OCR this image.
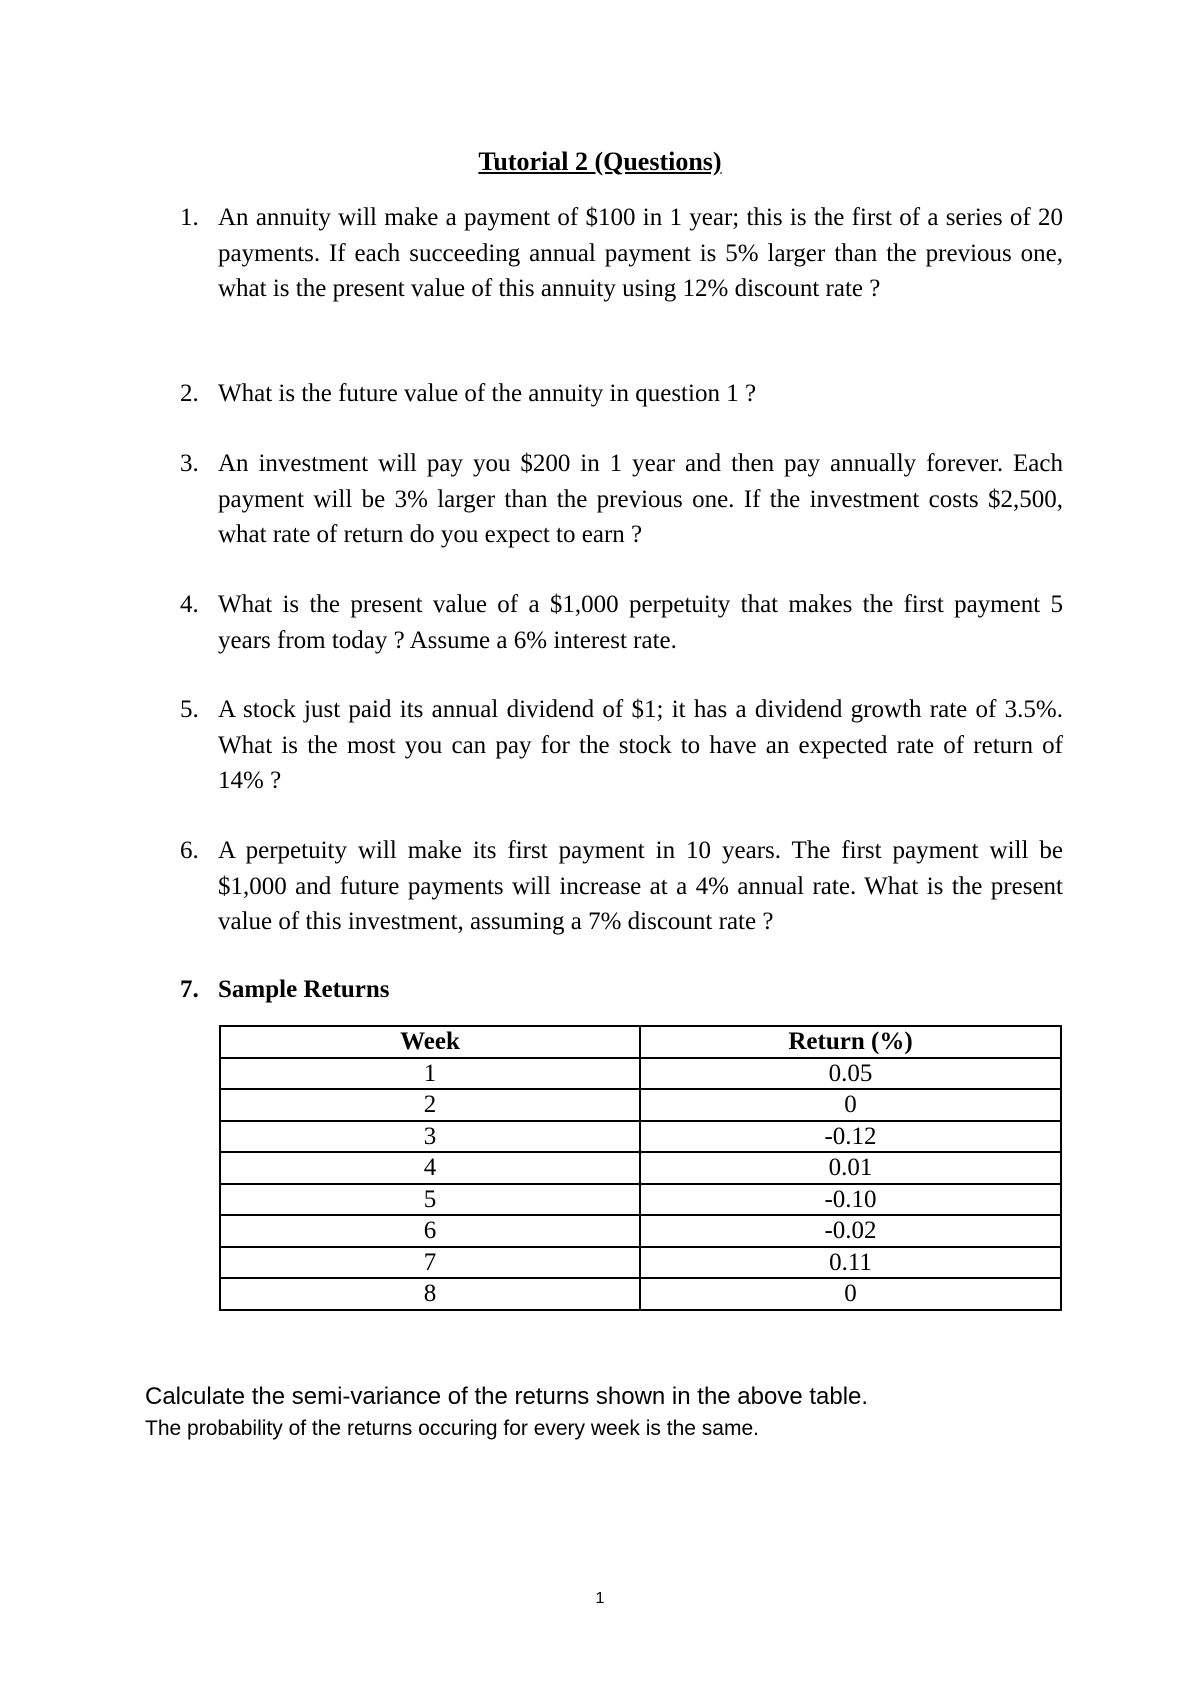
Tutorial 2 (Questions)
1. An annuity will make a payment of $100 in 1 year; this is the first of a series of 20 payments. If each succeeding annual payment is 5% larger than the previous one, what is the present value of this annuity using 12% discount rate ?
2. What is the future value of the annuity in question 1 ?
3. An investment will pay you $200 in 1 year and then pay annually forever. Each payment will be 3% larger than the previous one. If the investment costs $2,500, what rate of return do you expect to earn ?
4. What is the present value of a $1,000 perpetuity that makes the first payment 5 years from today ? Assume a 6% interest rate.
5. A stock just paid its annual dividend of $1; it has a dividend growth rate of 3.5%. What is the most you can pay for the stock to have an expected rate of return of 14% ?
6. A perpetuity will make its first payment in 10 years. The first payment will be $1,000 and future payments will increase at a 4% annual rate. What is the present value of this investment, assuming a 7% discount rate ?
7. Sample Returns
Week	Return (%)
1	0.05
2	0
3	-0.12
4	0.01
5	-0.10
6	-0.02
7	0.11
8	0
Calculate the semi-variance of the returns shown in the above table.
The probability of the returns occuring for every week is the same.
1
